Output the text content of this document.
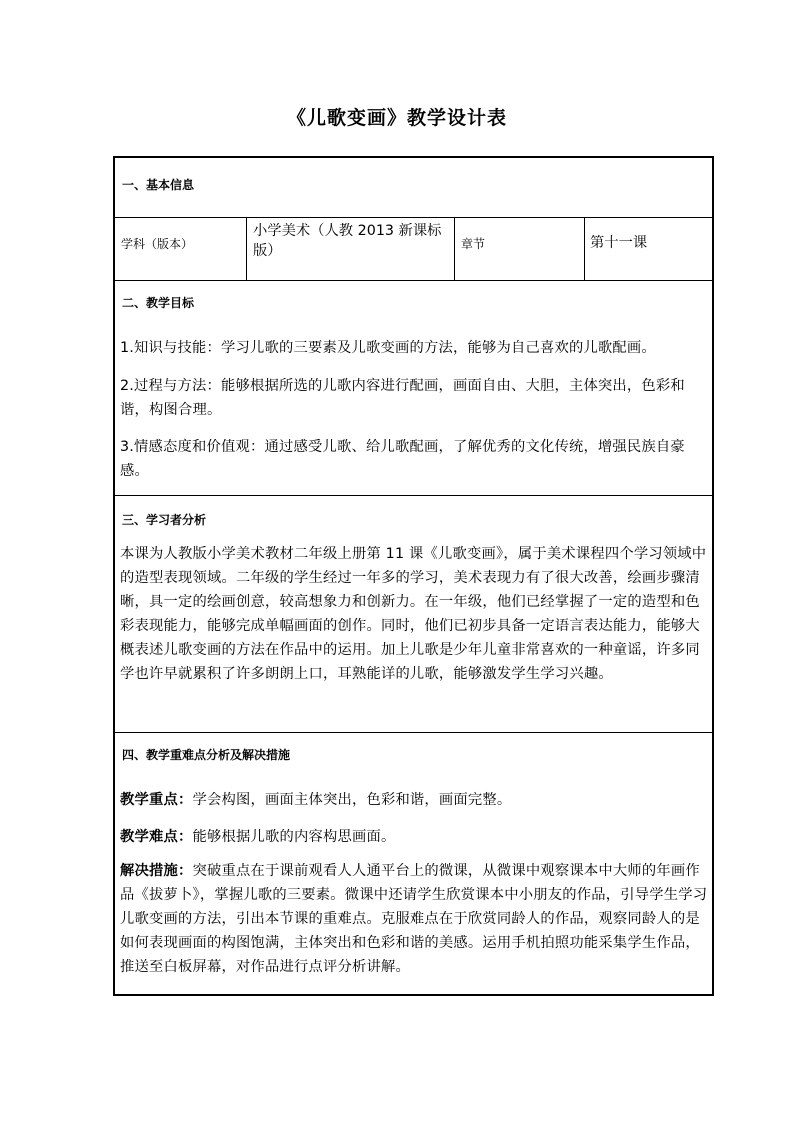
《儿歌变画》教学设计表
一、基本信息
学科（版本）
小学美术（人教 2013 新课标版）	章节	第十一课
二、教学目标
1.知识与技能：学习儿歌的三要素及儿歌变画的方法，能够为自己喜欢的儿歌配画。
2.过程与方法：能够根据所选的儿歌内容进行配画，画面自由、大胆，主体突出，色彩和谐，构图合理。
3.情感态度和价值观：通过感受儿歌、给儿歌配画，了解优秀的文化传统，增强民族自豪感。
三、学习者分析
本课为人教版小学美术教材二年级上册第 11 课《儿歌变画》，属于美术课程四个学习领域中的造型表现领域。二年级的学生经过一年多的学习，美术表现力有了很大改善，绘画步骤清晰，具一定的绘画创意，较高想象力和创新力。在一年级，他们已经掌握了一定的造型和色彩表现能力，能够完成单幅画面的创作。同时，他们已初步具备一定语言表达能力，能够大概表述儿歌变画的方法在作品中的运用。加上儿歌是少年儿童非常喜欢的一种童谣，许多同学也许早就累积了许多朗朗上口，耳熟能详的儿歌，能够激发学生学习兴趣。
四、教学重难点分析及解决措施
教学重点：学会构图，画面主体突出，色彩和谐，画面完整。
教学难点：能够根据儿歌的内容构思画面。
解决措施：突破重点在于课前观看人人通平台上的微课，从微课中观察课本中大师的年画作品《拔萝卜》，掌握儿歌的三要素。微课中还请学生欣赏课本中小朋友的作品，引导学生学习儿歌变画的方法，引出本节课的重难点。克服难点在于欣赏同龄人的作品，观察同龄人的是如何表现画面的构图饱满，主体突出和色彩和谐的美感。运用手机拍照功能采集学生作品，推送至白板屏幕，对作品进行点评分析讲解。
